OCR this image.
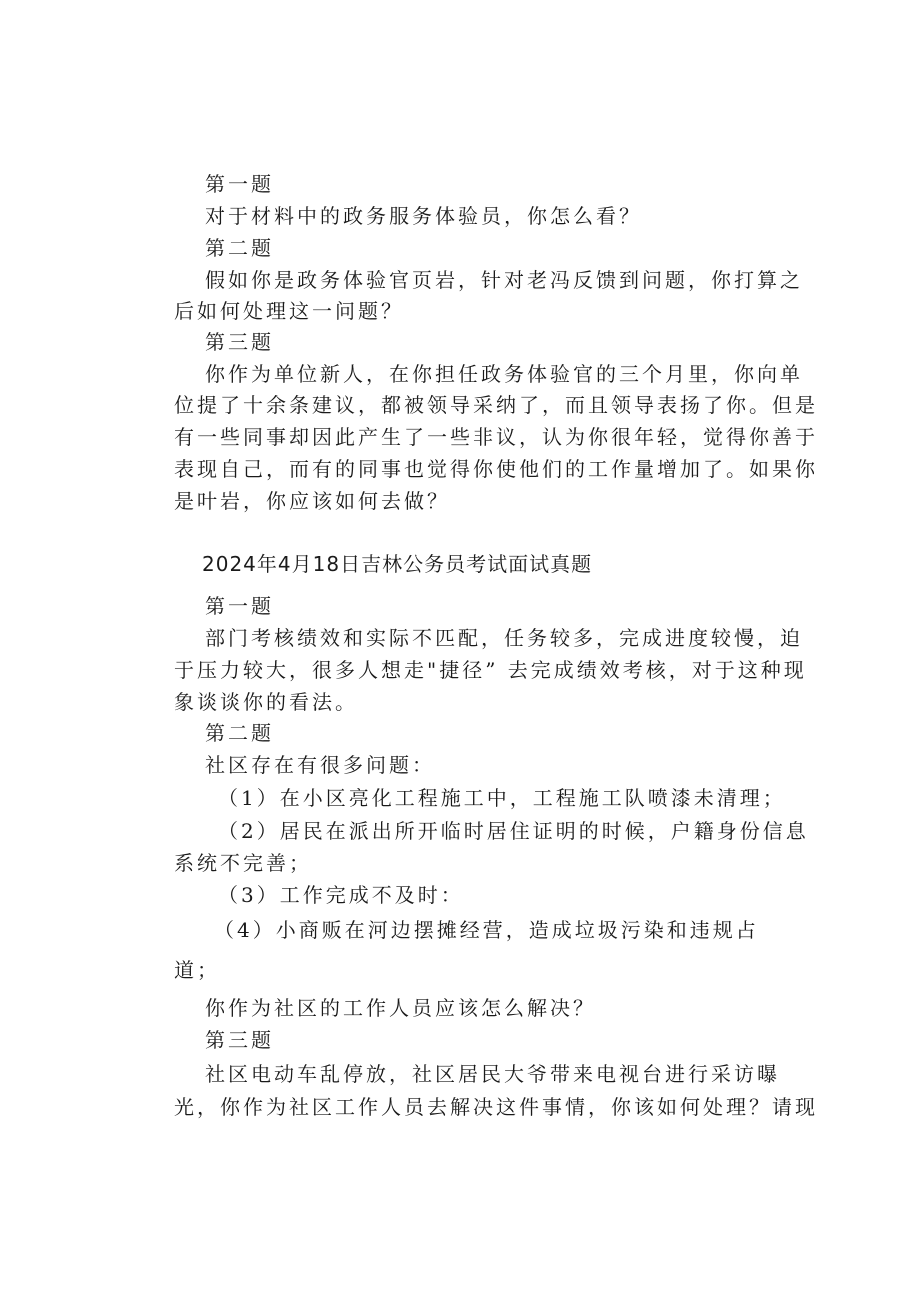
第一题
对于材料中的政务服务体验员，你怎么看？
第二题
假如你是政务体验官页岩，针对老冯反馈到问题，你打算之
后如何处理这一问题？
第三题
你作为单位新人，在你担任政务体验官的三个月里，你向单
位提了十余条建议，都被领导采纳了，而且领导表扬了你。但是
有一些同事却因此产生了一些非议，认为你很年轻，觉得你善于
表现自己，而有的同事也觉得你使他们的工作量增加了。如果你
是叶岩，你应该如何去做？
2024年4月18日吉林公务员考试面试真题
第一题
部门考核绩效和实际不匹配，任务较多，完成进度较慢，迫
于压力较大，很多人想走"捷径” 去完成绩效考核，对于这种现
象谈谈你的看法。
第二题
社区存在有很多问题：
（1）在小区亮化工程施工中，工程施工队喷漆未清理；
（2）居民在派出所开临时居住证明的时候，户籍身份信息
系统不完善；
（3）工作完成不及时：
（4）小商贩在河边摆摊经营，造成垃圾污染和违规占
道；
你作为社区的工作人员应该怎么解决？
第三题
社区电动车乱停放，社区居民大爷带来电视台进行采访曝
光，你作为社区工作人员去解决这件事情，你该如何处理？请现
